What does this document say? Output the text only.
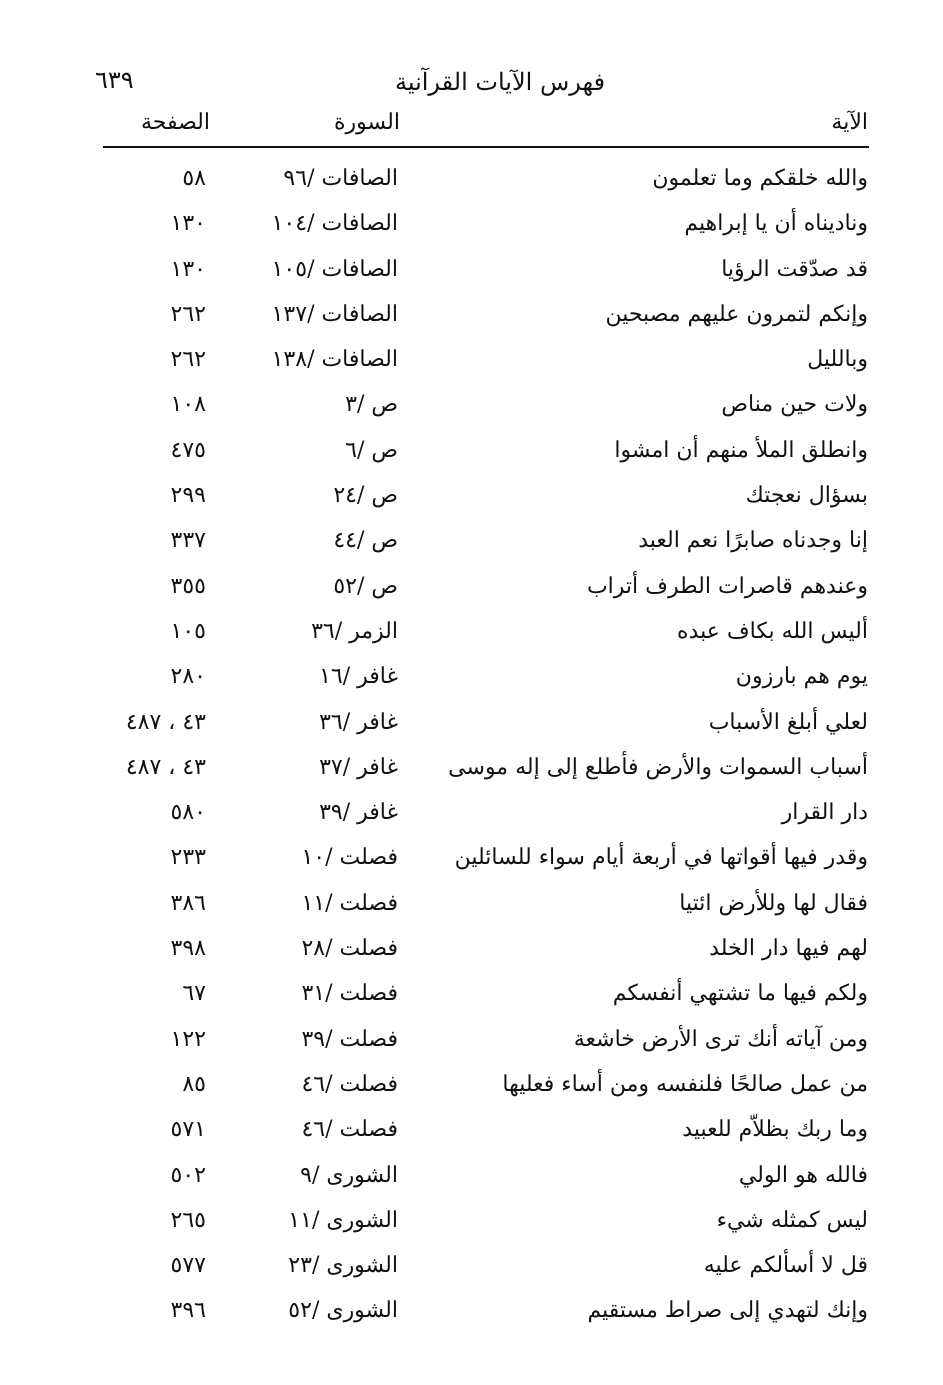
فهرس الآيات القرآنية
٦٣٩
الآية
السورة
الصفحة
والله خلقكم وما تعلمون
الصافات /٩٦
٥٨
وناديناه أن يا إبراهيم
الصافات /١٠٤
١٣٠
قد صدّقت الرؤيا
الصافات /١٠٥
١٣٠
وإنكم لتمرون عليهم مصبحين
الصافات /١٣٧
٢٦٢
وبالليل
الصافات /١٣٨
٢٦٢
ولات حين مناص
ص /٣
١٠٨
وانطلق الملأ منهم أن امشوا
ص /٦
٤٧٥
بسؤال نعجتك
ص /٢٤
٢٩٩
إنا وجدناه صابرًا نعم العبد
ص /٤٤
٣٣٧
وعندهم قاصرات الطرف أتراب
ص /٥٢
٣٥٥
أليس الله بكاف عبده
الزمر /٣٦
١٠٥
يوم هم بارزون
غافر /١٦
٢٨٠
لعلي أبلغ الأسباب
غافر /٣٦
٤٣ ، ٤٨٧
أسباب السموات والأرض فأطلع إلى إله موسى
غافر /٣٧
٤٣ ، ٤٨٧
دار القرار
غافر /٣٩
٥٨٠
وقدر فيها أقواتها في أربعة أيام سواء للسائلين
فصلت /١٠
٢٣٣
فقال لها وللأرض ائتيا
فصلت /١١
٣٨٦
لهم فيها دار الخلد
فصلت /٢٨
٣٩٨
ولكم فيها ما تشتهي أنفسكم
فصلت /٣١
٦٧
ومن آياته أنك ترى الأرض خاشعة
فصلت /٣٩
١٢٢
من عمل صالحًا فلنفسه ومن أساء فعليها
فصلت /٤٦
٨٥
وما ربك بظلاّم للعبيد
فصلت /٤٦
٥٧١
فالله هو الولي
الشورى /٩
٥٠٢
ليس كمثله شيء
الشورى /١١
٢٦٥
قل لا أسألكم عليه
الشورى /٢٣
٥٧٧
وإنك لتهدي إلى صراط مستقيم
الشورى /٥٢
٣٩٦
